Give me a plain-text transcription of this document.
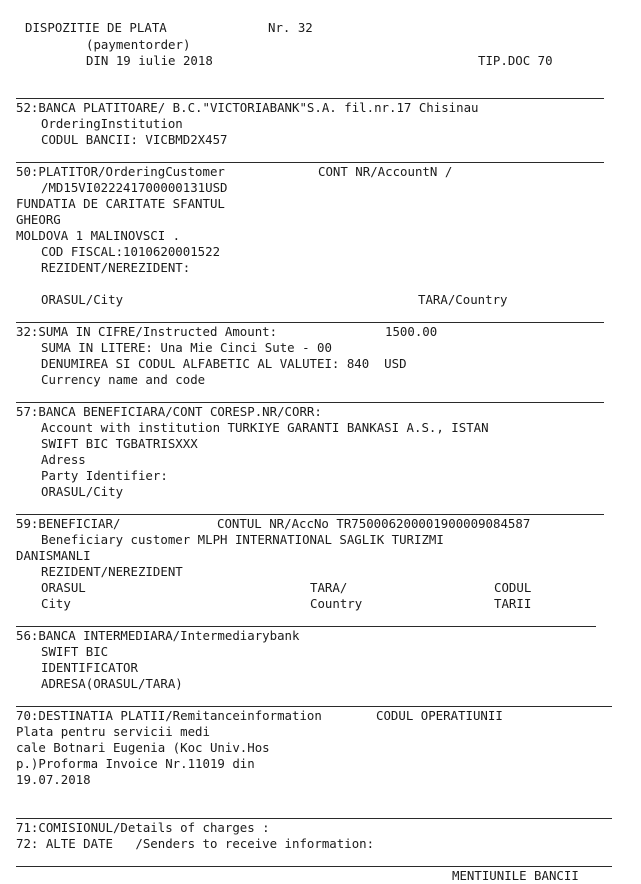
DISPOZITIE DE PLATA	Nr. 32
(paymentorder)
DIN 19 iulie 2018	TIP.DOC 70
52:BANCA PLATITOARE/ B.C."VICTORIABANK"S.A. fil.nr.17 Chisinau
OrderingInstitution
CODUL BANCII: VICBMD2X457
50:PLATITOR/OrderingCustomer	CONT NR/AccountN /
/MD15VI022241700000131USD
FUNDATIA DE CARITATE SFANTUL
GHEORG
MOLDOVA 1 MALINOVSCI .
COD FISCAL:1010620001522
REZIDENT/NEREZIDENT:
ORASUL/City	TARA/Country
32:SUMA IN CIFRE/Instructed Amount:	1500.00
SUMA IN LITERE: Una Mie Cinci Sute - 00
DENUMIREA SI CODUL ALFABETIC AL VALUTEI: 840  USD
Currency name and code
57:BANCA BENEFICIARA/CONT CORESP.NR/CORR:
Account with institution TURKIYE GARANTI BANKASI A.S., ISTAN
SWIFT BIC TGBATRISXXX
Adress
Party Identifier:
ORASUL/City
59:BENEFICIAR/	CONTUL NR/AccNo TR750006200001900009084587
Beneficiary customer MLPH INTERNATIONAL SAGLIK TURIZMI
DANISMANLI
REZIDENT/NEREZIDENT
ORASUL	TARA/	CODUL
City	Country	TARII
56:BANCA INTERMEDIARA/Intermediarybank
SWIFT BIC
IDENTIFICATOR
ADRESA(ORASUL/TARA)
70:DESTINATIA PLATII/Remitanceinformation	CODUL OPERATIUNII
Plata pentru servicii medi
cale Botnari Eugenia (Koc Univ.Hos
p.)Proforma Invoice Nr.11019 din
19.07.2018
71:COMISIONUL/Details of charges :
72: ALTE DATE   /Senders to receive information:
MENTIUNILE BANCII
